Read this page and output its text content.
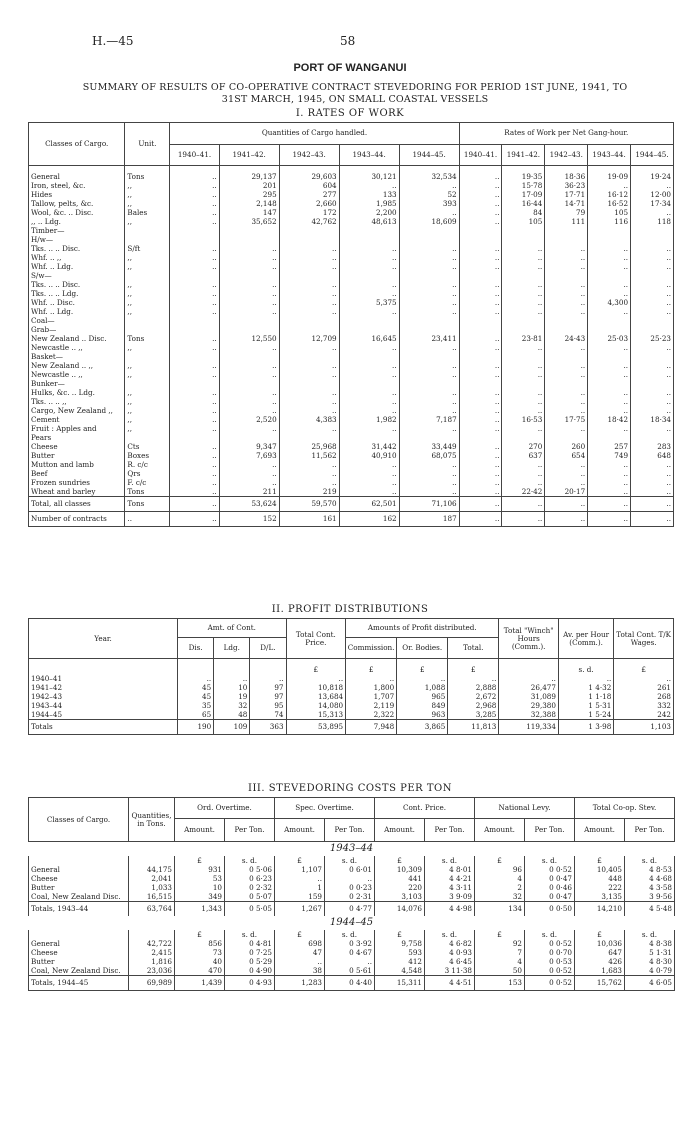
H.—45	58
PORT OF WANGANUI
SUMMARY OF RESULTS OF CO-OPERATIVE CONTRACT STEVEDORING FOR PERIOD 1ST JUNE, 1941, TO
31ST MARCH, 1945, ON SMALL COASTAL VESSELS
I. RATES OF WORK
Classes of Cargo.	Unit.	Quantities of Cargo handled.					Rates of Work per Net Gang-hour.				
		1940–41.	1941–42.	1942–43.	1943–44.	1944–45.	1940–41.	1941–42.	1942–43.	1943–44.	1944–45.

General	Tons	..	29,137	29,603	30,121	32,534	..	19·35	18·36	19·09	19·24
Iron, steel, &c.	,,	..	201	604	..	..	..	15·78	36·23	..	..
Hides	,,	..	295	277	133	52	..	17·09	17·71	16·12	12·00
Tallow, pelts, &c.	,,	..	2,148	2,660	1,985	393	..	16·44	14·71	16·52	17·34
Wool, &c. .. Disc.	Bales	..	147	172	2,200	..	..	84	79	105	..
,, .. Ldg.	,,	..	35,652	42,762	48,613	18,609	..	105	111	116	118
Timber—											
H/w—											
Tks. .. .. Disc.	S/ft	..	..	..	..	..	..	..	..	..	..
Whf. .. ,,	,,	..	..	..	..	..	..	..	..	..	..
Whf. .. Ldg.	,,	..	..	..	..	..	..	..	..	..	..
S/w—											
Tks. .. .. Disc.	,,	..	..	..	..	..	..	..	..	..	..
Tks. .. .. Ldg.	,,	..	..	..	..	..	..	..	..	..	..
Whf. .. Disc.	,,	..	..	..	5,375	..	..	..	..	4,300	..
Whf. .. Ldg.	,,	..	..	..	..	..	..	..	..	..	..
Coal—											
Grab—											
New Zealand .. Disc.	Tons	..	12,550	12,709	16,645	23,411	..	23·81	24·43	25·03	25·23
Newcastle .. ,,	,,	..	..	..	..	..	..	..	..	..	..
Basket—											
New Zealand .. ,,	,,	..	..	..	..	..	..	..	..	..	..
Newcastle .. ,,	,,	..	..	..	..	..	..	..	..	..	..
Bunker—											
Hulks, &c. .. Ldg.	,,	..	..	..	..	..	..	..	..	..	..
Tks. .. .. ,,	,,	..	..	..	..	..	..	..	..	..	..
Cargo, New Zealand ,,	,,	..	..	..	..	..	..	..	..	..	..
Cement	,,	..	2,520	4,383	1,982	7,187	..	16·53	17·75	18·42	18·34
Fruit : Apples and	,,	..	..	..	..	..	..	..	..	..	..
Pears											
Cheese	Cts	..	9,347	25,968	31,442	33,449	..	270	260	257	283
Butter	Boxes	..	7,693	11,562	40,910	68,075	..	637	654	749	648
Mutton and lamb	R. c/c	..	..	..	..	..	..	..	..	..	..
Beef	Qrs	..	..	..	..	..	..	..	..	..	..
Frozen sundries	F. c/c	..	..	..	..	..	..	..	..	..	..
Wheat and barley	Tons	..	211	219	..	..	..	22·42	20·17	..	..
Total, all classes	Tons	..	53,624	59,570	62,501	71,106	..	..	..	..	..
Number of contracts	..	..	152	161	162	187	..	..	..	..	..
II. PROFIT DISTRIBUTIONS
Year.	Amt. of Cont.			Total Cont. Price.	Amounts of Profit distributed.			Total "Winch" Hours (Comm.).	Av. per Hour (Comm.).	Total Cont. T/K Wages.
	Dis.	Ldg.	D/L.		Commission.	Or. Bodies.	Total.			

				£	£	£	£		s. d.	£
1940–41	..	..	..	..	..	..	..	..	..	..
1941–42	45	10	97	10,818	1,800	1,088	2,888	26,477	1 4·32	261
1942–43	45	19	97	13,684	1,707	965	2,672	31,089	1 1·18	268
1943–44	35	32	95	14,080	2,119	849	2,968	29,380	1 5·31	332
1944–45	65	48	74	15,313	2,322	963	3,285	32,388	1 5·24	242
Totals	190	109	363	53,895	7,948	3,865	11,813	119,334	1 3·98	1,103
III. STEVEDORING COSTS PER TON
Classes of Cargo.	Quantities, in Tons.	Ord. Overtime.		Spec. Overtime.		Cont. Price.		National Levy.		Total Co-op. Stev.	
		Amount.	Per Ton.	Amount.	Per Ton.	Amount.	Per Ton.	Amount.	Per Ton.	Amount.	Per Ton.
1943–44											
		£	s. d.	£	s. d.	£	s. d.	£	s. d.	£	s. d.
General	44,175	931	0 5·06	1,107	0 6·01	10,309	4 8·01	96	0 0·52	10,405	4 8·53
Cheese	2,041	53	0 6·23	..	..	441	4 4·21	4	0 0·47	448	4 4·68
Butter	1,033	10	0 2·32	1	0 0·23	220	4 3·11	2	0 0·46	222	4 3·58
Coal, New Zealand Disc.	16,515	349	0 5·07	159	0 2·31	3,103	3 9·09	32	0 0·47	3,135	3 9·56
Totals, 1943–44	63,764	1,343	0 5·05	1,267	0 4·77	14,076	4 4·98	134	0 0·50	14,210	4 5·48
1944–45											
		£	s. d.	£	s. d.	£	s. d.	£	s. d.	£	s. d.
General	42,722	856	0 4·81	698	0 3·92	9,758	4 6·82	92	0 0·52	10,036	4 8·38
Cheese	2,415	73	0 7·25	47	0 4·67	593	4 0·93	7	0 0·70	647	5 1·31
Butter	1,816	40	0 5·29	..	..	412	4 6·45	4	0 0·53	426	4 8·30
Coal, New Zealand Disc.	23,036	470	0 4·90	38	0 5·61	4,548	3 11·38	50	0 0·52	1,683	4 0·79
Totals, 1944–45	69,989	1,439	0 4·93	1,283	0 4·40	15,311	4 4·51	153	0 0·52	15,762	4 6·05
